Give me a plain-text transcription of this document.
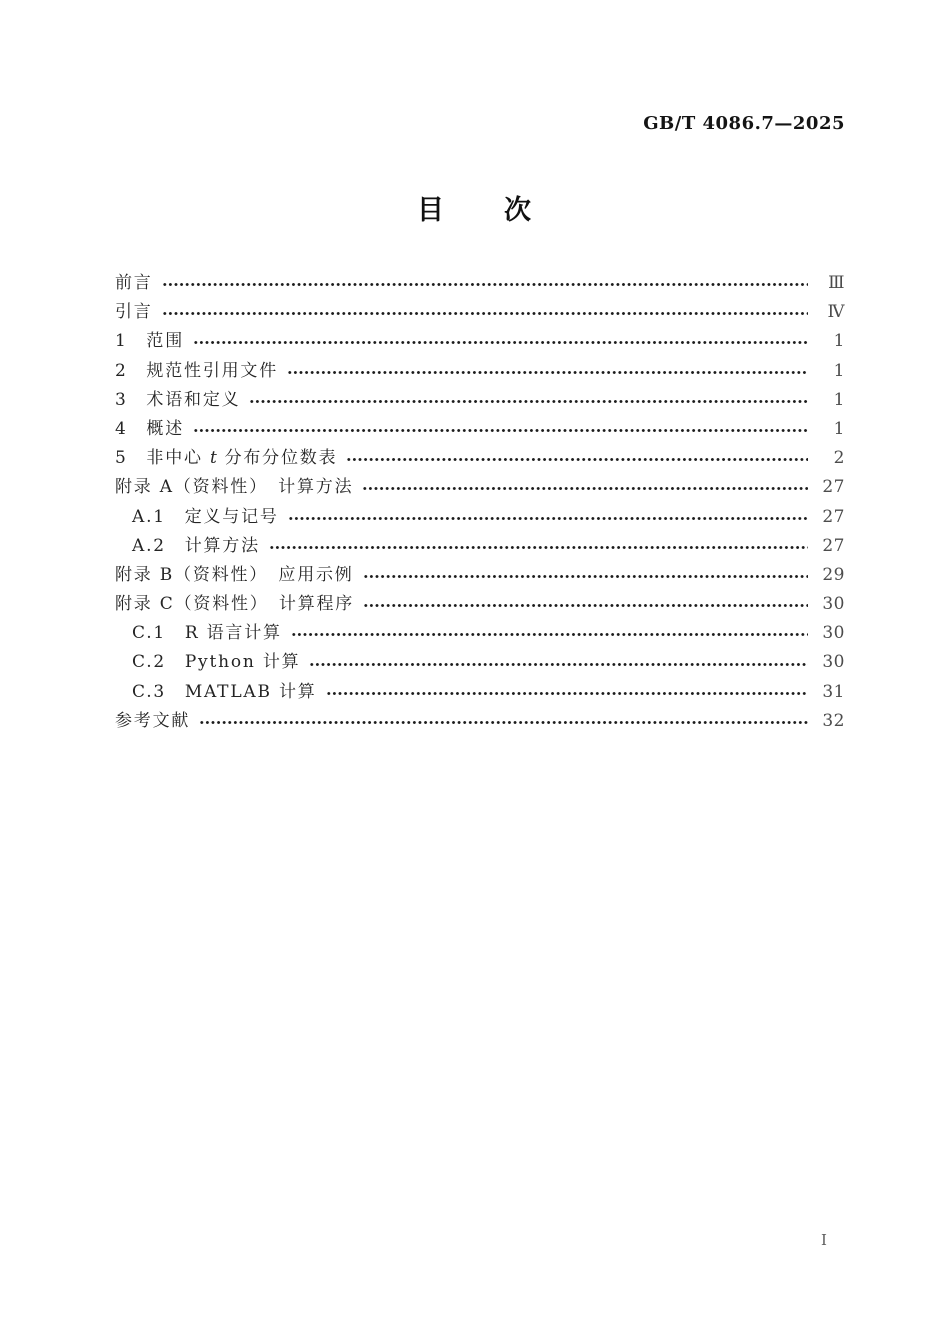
GB/T 4086.7—2025
目　　次
前言	Ⅲ
引言	Ⅳ
1　范围	1
2　规范性引用文件	1
3　术语和定义	1
4　概述	1
5　非中心 t 分布分位数表	2
附录 A（资料性）　计算方法	27
A.1　定义与记号	27
A.2　计算方法	27
附录 B（资料性）　应用示例	29
附录 C（资料性）　计算程序	30
C.1　R 语言计算	30
C.2　Python 计算	30
C.3　MATLAB 计算	31
参考文献	32
I
